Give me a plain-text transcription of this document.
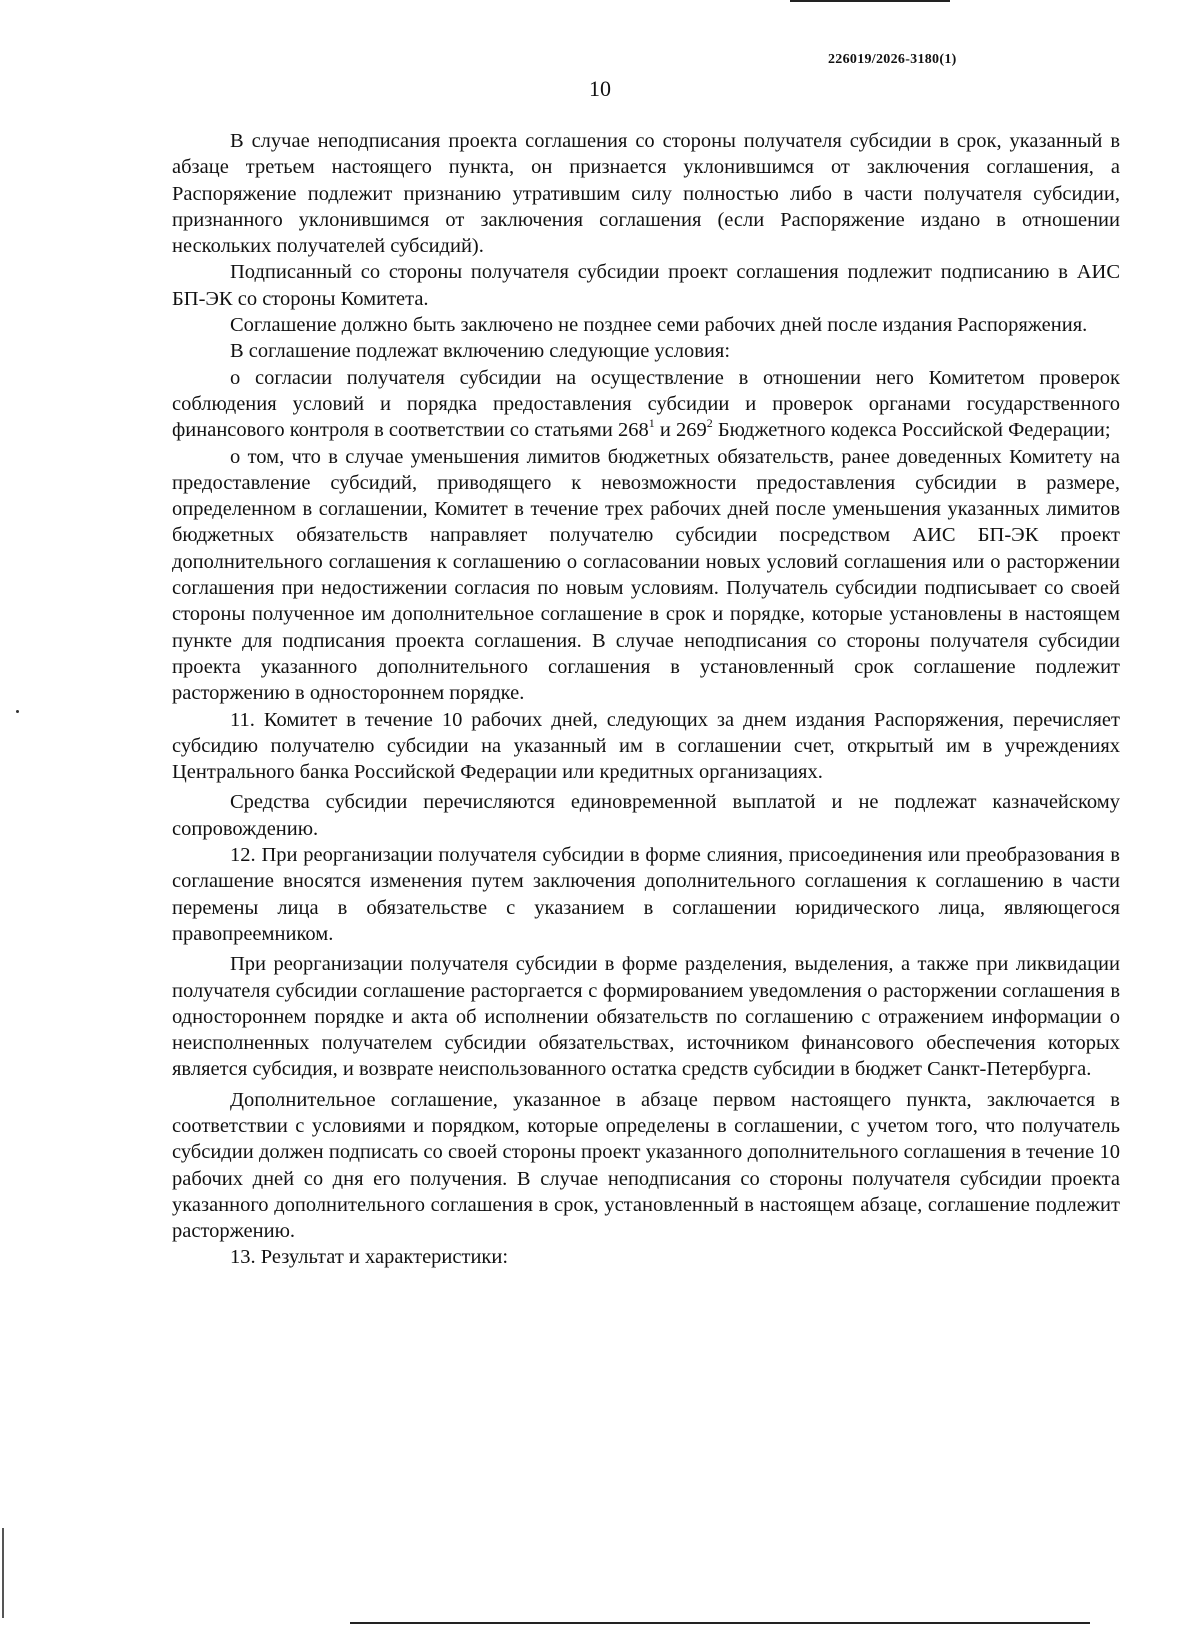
226019/2026-3180(1)
10

В случае неподписания проекта соглашения со стороны получателя субсидии в срок, указанный в абзаце третьем настоящего пункта, он признается уклонившимся от заключения соглашения, а Распоряжение подлежит признанию утратившим силу полностью либо в части получателя субсидии, признанного уклонившимся от заключения соглашения (если Распоряжение издано в отношении нескольких получателей субсидий).

Подписанный со стороны получателя субсидии проект соглашения подлежит подписанию в АИС БП-ЭК со стороны Комитета.

Соглашение должно быть заключено не позднее семи рабочих дней после издания Распоряжения.

В соглашение подлежат включению следующие условия:

о согласии получателя субсидии на осуществление в отношении него Комитетом проверок соблюдения условий и порядка предоставления субсидии и проверок органами государственного финансового контроля в соответствии со статьями $268^1$ и $269^2$ Бюджетного кодекса Российской Федерации;

о том, что в случае уменьшения лимитов бюджетных обязательств, ранее доведенных Комитету на предоставление субсидий, приводящего к невозможности предоставления субсидии в размере, определенном в соглашении, Комитет в течение трех рабочих дней после уменьшения указанных лимитов бюджетных обязательств направляет получателю субсидии посредством АИС БП-ЭК проект дополнительного соглашения к соглашению о согласовании новых условий соглашения или о расторжении соглашения при недостижении согласия по новым условиям. Получатель субсидии подписывает со своей стороны полученное им дополнительное соглашение в срок и порядке, которые установлены в настоящем пункте для подписания проекта соглашения. В случае неподписания со стороны получателя субсидии проекта указанного дополнительного соглашения в установленный срок соглашение подлежит расторжению в одностороннем порядке.

11. Комитет в течение 10 рабочих дней, следующих за днем издания Распоряжения, перечисляет субсидию получателю субсидии на указанный им в соглашении счет, открытый им в учреждениях Центрального банка Российской Федерации или кредитных организациях.

Средства субсидии перечисляются единовременной выплатой и не подлежат казначейскому сопровождению.

12. При реорганизации получателя субсидии в форме слияния, присоединения или преобразования в соглашение вносятся изменения путем заключения дополнительного соглашения к соглашению в части перемены лица в обязательстве с указанием в соглашении юридического лица, являющегося правопреемником.

При реорганизации получателя субсидии в форме разделения, выделения, а также при ликвидации получателя субсидии соглашение расторгается с формированием уведомления о расторжении соглашения в одностороннем порядке и акта об исполнении обязательств по соглашению с отражением информации о неисполненных получателем субсидии обязательствах, источником финансового обеспечения которых является субсидия, и возврате неиспользованного остатка средств субсидии в бюджет Санкт-Петербурга.

Дополнительное соглашение, указанное в абзаце первом настоящего пункта, заключается в соответствии с условиями и порядком, которые определены в соглашении, с учетом того, что получатель субсидии должен подписать со своей стороны проект указанного дополнительного соглашения в течение 10 рабочих дней со дня его получения. В случае неподписания со стороны получателя субсидии проекта указанного дополнительного соглашения в срок, установленный в настоящем абзаце, соглашение подлежит расторжению.

13. Результат и характеристики:
